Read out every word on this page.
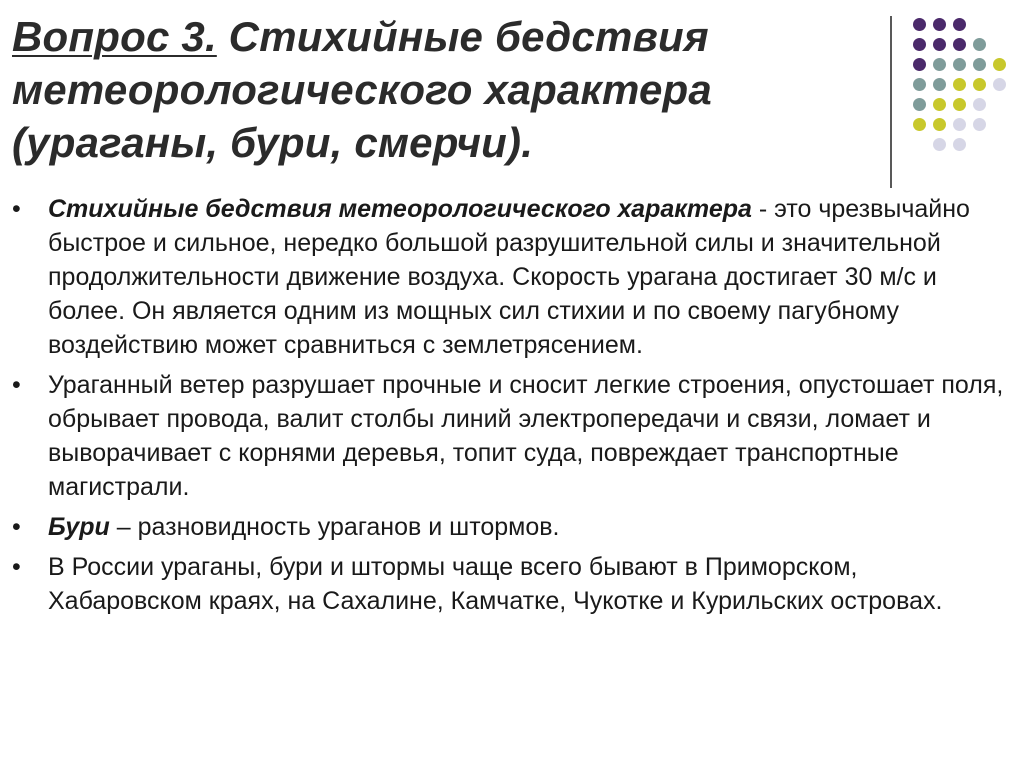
Вопрос 3. Стихийные бедствия метеорологического характера (ураганы, бури, смерчи).
• Стихийные бедствия метеорологического характера - это чрезвычайно быстрое и сильное, нередко большой разрушительной силы и значительной продолжительности движение воздуха. Скорость урагана достигает 30 м/с и более. Он является одним из мощных сил стихии и по своему пагубному воздействию может сравниться с землетрясением.
• Ураганный ветер разрушает прочные и сносит легкие строения, опустошает поля, обрывает провода, валит столбы линий электропередачи и связи, ломает и выворачивает с корнями деревья, топит суда, повреждает транспортные магистрали.
• Бури – разновидность ураганов и штормов.
• В России ураганы, бури и штормы чаще всего бывают в Приморском, Хабаровском краях, на Сахалине, Камчатке, Чукотке и Курильских островах.
